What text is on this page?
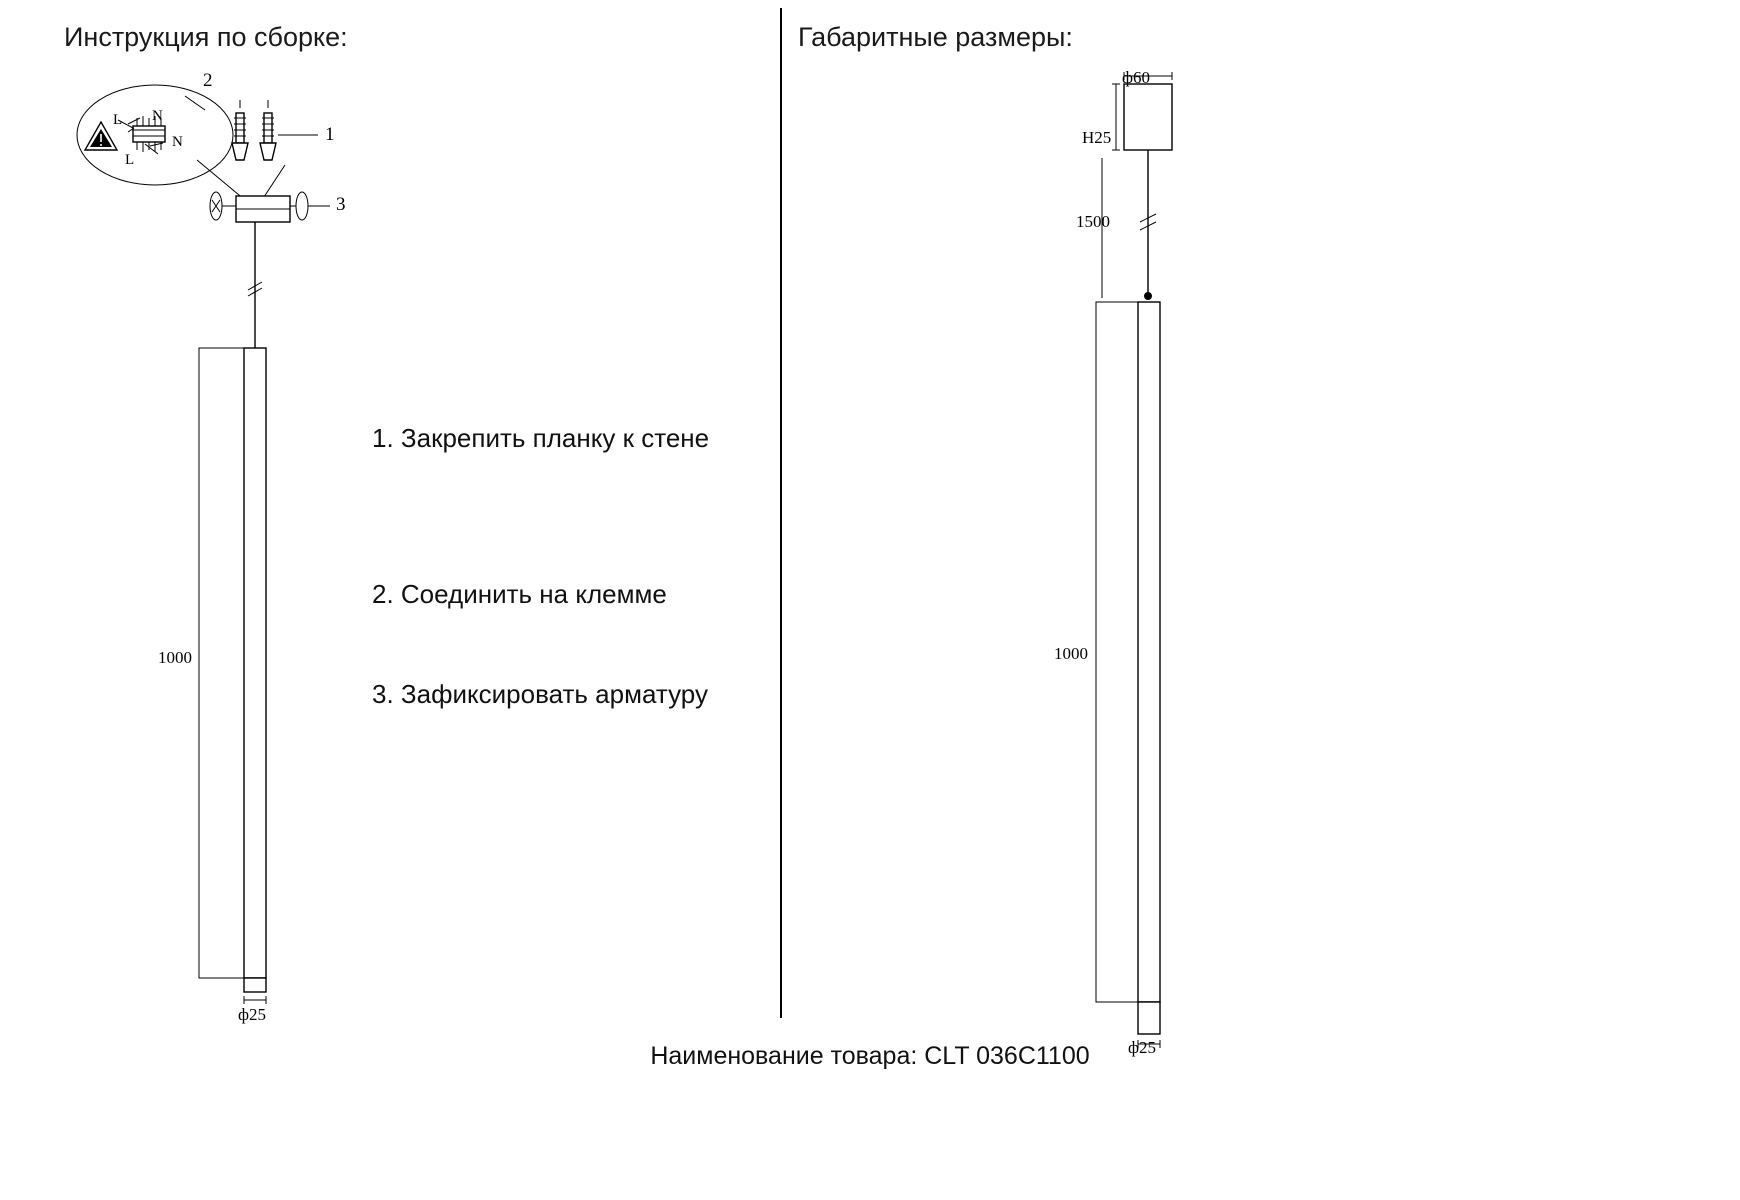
Инструкция по сборке:	Габаритные размеры:
2
1
3
L N
N
L
1000
ф25
ф60
H25
1500
1000
ф25
1. Закрепить планку к стене
2. Соединить на клемме
3. Зафиксировать арматуру
Наименование товара: CLT 036C1100
